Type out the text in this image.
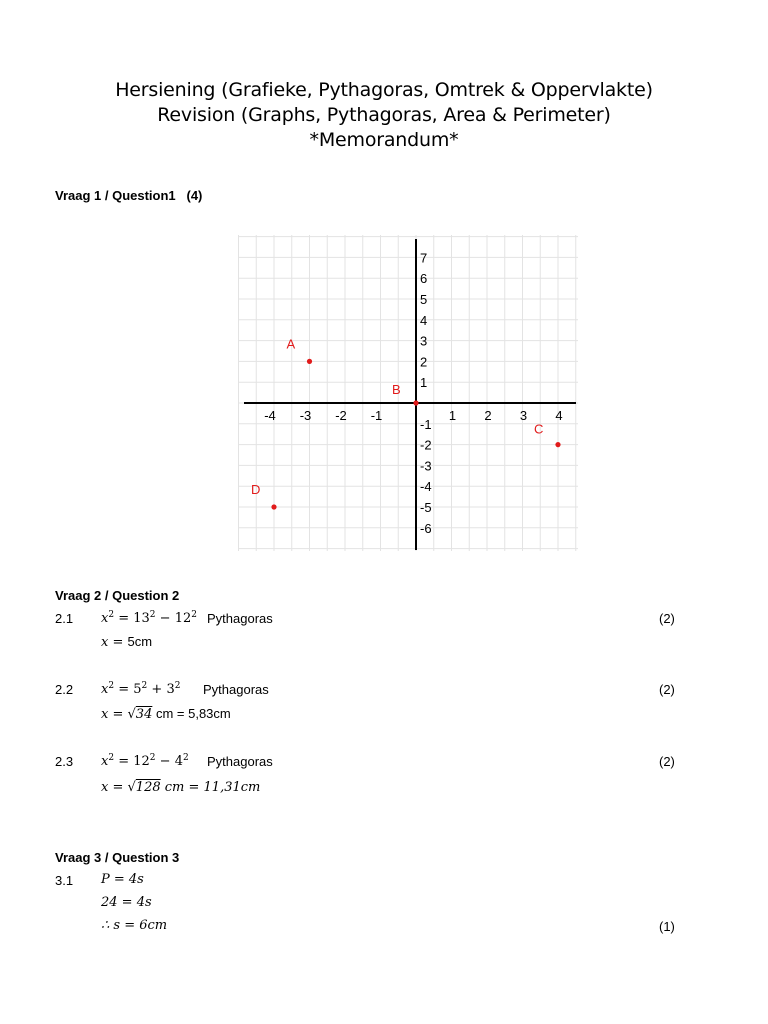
Hersiening (Grafieke, Pythagoras, Omtrek & Oppervlakte)
Revision (Graphs, Pythagoras, Area & Perimeter)
*Memorandum*
Vraag 1 / Question1   (4)
-4 -3 -2 -1	1 2 3 4
7
6
5
4
3
2
1
-1
-2
-3
-4
-5
-6
A
B
C
D
Vraag 2 / Question 2
2.1 $x^2 = 13^2 - 12^2$ Pythagoras	(2)
x = 5cm
2.2 $x^2 = 5^2 + 3^2$ Pythagoras	(2)
x = √34 cm = 5,83cm
2.3 $x^2 = 12^2 - 4^2$ Pythagoras	(2)
x = √128 cm = 11,31cm
Vraag 3 / Question 3
3.1 P = 4s
24 = 4s
∴ s = 6cm	(1)
